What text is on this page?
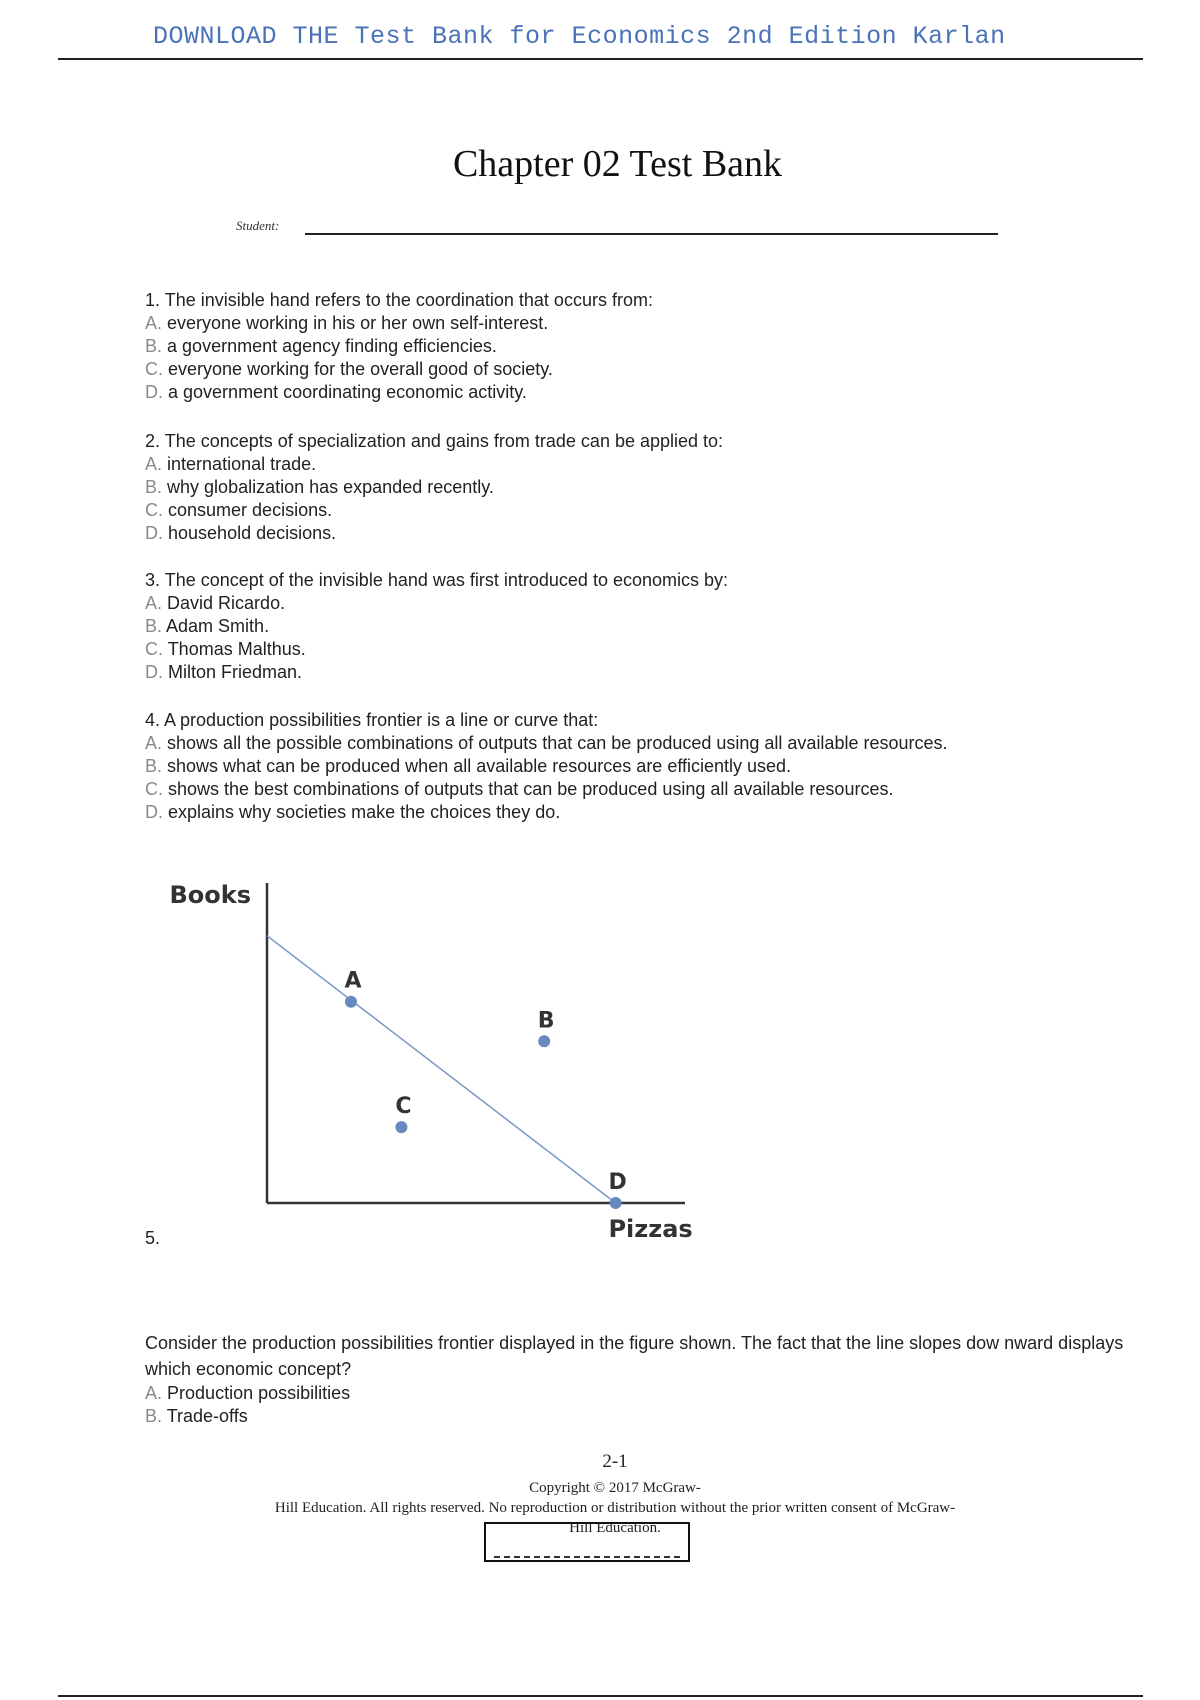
DOWNLOAD THE Test Bank for Economics 2nd Edition Karlan
Chapter 02 Test Bank
Student:
1. The invisible hand refers to the coordination that occurs from:
A. everyone working in his or her own self-interest.
B. a government agency finding efficiencies.
C. everyone working for the overall good of society.
D. a government coordinating economic activity.
2. The concepts of specialization and gains from trade can be applied to:
A. international trade.
B. why globalization has expanded recently.
C. consumer decisions.
D. household decisions.
3. The concept of the invisible hand was first introduced to economics by:
A. David Ricardo.
B. Adam Smith.
C. Thomas Malthus.
D. Milton Friedman.
4. A production possibilities frontier is a line or curve that:
A. shows all the possible combinations of outputs that can be produced using all available resources.
B. shows what can be produced when all available resources are efficiently used.
C. shows the best combinations of outputs that can be produced using all available resources.
D. explains why societies make the choices they do.
5.
Books
Pizzas
A
B
C
D
Consider the production possibilities frontier displayed in the figure shown. The fact that the line slopes dow nward displays which economic concept?
A. Production possibilities
B. Trade-offs
2-1
Copyright © 2017 McGraw-
Hill Education. All rights reserved. No reproduction or distribution without the prior written consent of McGraw-
Hill Education.
